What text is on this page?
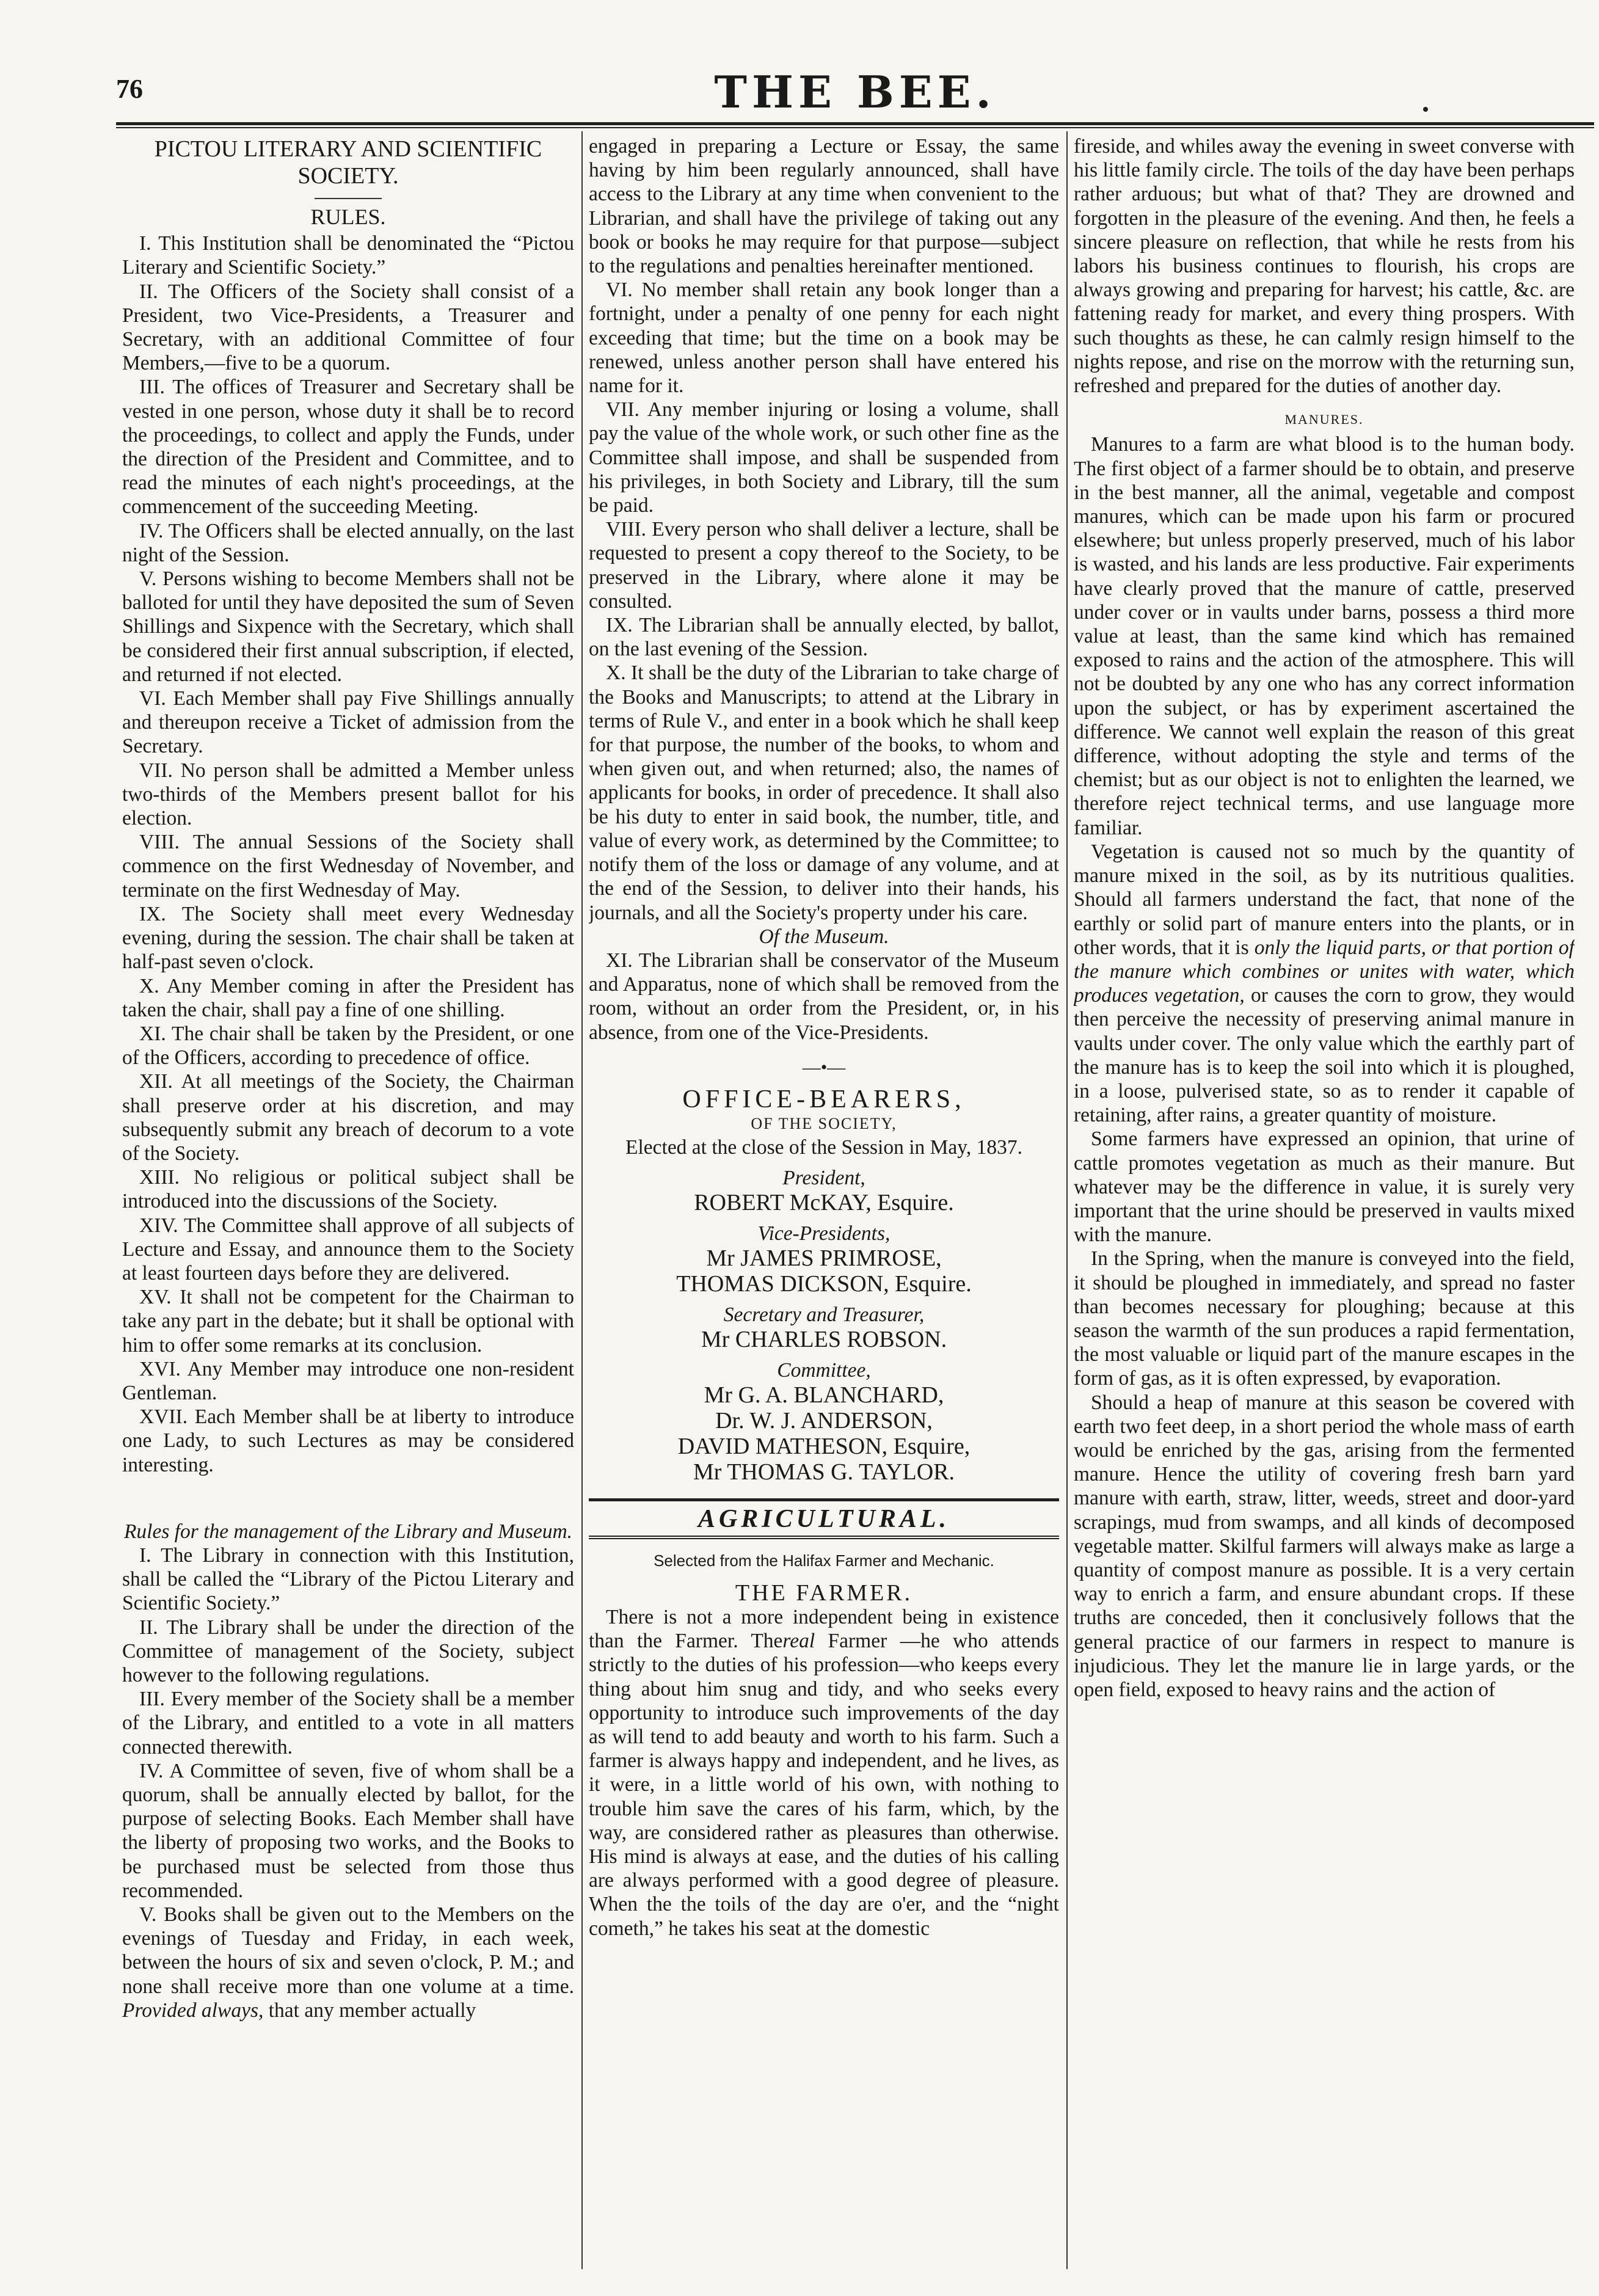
76	THE BEE.

PICTOU LITERARY AND SCIENTIFIC SOCIETY.

RULES.

I. This Institution shall be denominated the “Pictou Literary and Scientific Society.”

II. The Officers of the Society shall consist of a President, two Vice-Presidents, a Treasurer and Secretary, with an additional Committee of four Members,—five to be a quorum.

III. The offices of Treasurer and Secretary shall be vested in one person, whose duty it shall be to record the proceedings, to collect and apply the Funds, under the direction of the President and Committee, and to read the minutes of each night's proceedings, at the commencement of the succeeding Meeting.

IV. The Officers shall be elected annually, on the last night of the Session.

V. Persons wishing to become Members shall not be balloted for until they have deposited the sum of Seven Shillings and Sixpence with the Secretary, which shall be considered their first annual subscription, if elected, and returned if not elected.

VI. Each Member shall pay Five Shillings annually and thereupon receive a Ticket of admission from the Secretary.

VII. No person shall be admitted a Member unless two-thirds of the Members present ballot for his election.

VIII. The annual Sessions of the Society shall commence on the first Wednesday of November, and terminate on the first Wednesday of May.

IX. The Society shall meet every Wednesday evening, during the session. The chair shall be taken at half-past seven o'clock.

X. Any Member coming in after the President has taken the chair, shall pay a fine of one shilling.

XI. The chair shall be taken by the President, or one of the Officers, according to precedence of office.

XII. At all meetings of the Society, the Chairman shall preserve order at his discretion, and may subsequently submit any breach of decorum to a vote of the Society.

XIII. No religious or political subject shall be introduced into the discussions of the Society.

XIV. The Committee shall approve of all subjects of Lecture and Essay, and announce them to the Society at least fourteen days before they are delivered.

XV. It shall not be competent for the Chairman to take any part in the debate; but it shall be optional with him to offer some remarks at its conclusion.

XVI. Any Member may introduce one non-resident Gentleman.

XVII. Each Member shall be at liberty to introduce one Lady, to such Lectures as may be considered interesting.

Rules for the management of the Library and Museum.

I. The Library in connection with this Institution, shall be called the “Library of the Pictou Literary and Scientific Society.”

II. The Library shall be under the direction of the Committee of management of the Society, subject however to the following regulations.

III. Every member of the Society shall be a member of the Library, and entitled to a vote in all matters connected therewith.

IV. A Committee of seven, five of whom shall be a quorum, shall be annually elected by ballot, for the purpose of selecting Books. Each Member shall have the liberty of proposing two works, and the Books to be purchased must be selected from those thus recommended.

V. Books shall be given out to the Members on the evenings of Tuesday and Friday, in each week, between the hours of six and seven o'clock, P. M.; and none shall receive more than one volume at a time. Provided always, that any member actually

engaged in preparing a Lecture or Essay, the same having by him been regularly announced, shall have access to the Library at any time when convenient to the Librarian, and shall have the privilege of taking out any book or books he may require for that purpose—subject to the regulations and penalties hereinafter mentioned.

VI. No member shall retain any book longer than a fortnight, under a penalty of one penny for each night exceeding that time; but the time on a book may be renewed, unless another person shall have entered his name for it.

VII. Any member injuring or losing a volume, shall pay the value of the whole work, or such other fine as the Committee shall impose, and shall be suspended from his privileges, in both Society and Library, till the sum be paid.

VIII. Every person who shall deliver a lecture, shall be requested to present a copy thereof to the Society, to be preserved in the Library, where alone it may be consulted.

IX. The Librarian shall be annually elected, by ballot, on the last evening of the Session.

X. It shall be the duty of the Librarian to take charge of the Books and Manuscripts; to attend at the Library in terms of Rule V., and enter in a book which he shall keep for that purpose, the number of the books, to whom and when given out, and when returned; also, the names of applicants for books, in order of precedence. It shall also be his duty to enter in said book, the number, title, and value of every work, as determined by the Committee; to notify them of the loss or damage of any volume, and at the end of the Session, to deliver into their hands, his journals, and all the Society's property under his care.

Of the Museum.

XI. The Librarian shall be conservator of the Museum and Apparatus, none of which shall be removed from the room, without an order from the President, or, in his absence, from one of the Vice-Presidents.

—•—

OFFICE-BEARERS,

OF THE SOCIETY,

Elected at the close of the Session in May, 1837.

President,

ROBERT McKAY, Esquire.

Vice-Presidents,

Mr JAMES PRIMROSE,

THOMAS DICKSON, Esquire.

Secretary and Treasurer,

Mr CHARLES ROBSON.

Committee,

Mr G. A. BLANCHARD,

Dr. W. J. ANDERSON,

DAVID MATHESON, Esquire,

Mr THOMAS G. TAYLOR.

AGRICULTURAL.

Selected from the Halifax Farmer and Mechanic.

THE FARMER.

There is not a more independent being in existence than the Farmer. Thereal Farmer —he who attends strictly to the duties of his profession—who keeps every thing about him snug and tidy, and who seeks every opportunity to introduce such improvements of the day as will tend to add beauty and worth to his farm. Such a farmer is always happy and independent, and he lives, as it were, in a little world of his own, with nothing to trouble him save the cares of his farm, which, by the way, are considered rather as pleasures than otherwise. His mind is always at ease, and the duties of his calling are always performed with a good degree of pleasure. When the the toils of the day are o'er, and the “night cometh,” he takes his seat at the domestic

fireside, and whiles away the evening in sweet converse with his little family circle. The toils of the day have been perhaps rather arduous; but what of that? They are drowned and forgotten in the pleasure of the evening. And then, he feels a sincere pleasure on reflection, that while he rests from his labors his business continues to flourish, his crops are always growing and preparing for harvest; his cattle, &c. are fattening ready for market, and every thing prospers. With such thoughts as these, he can calmly resign himself to the nights repose, and rise on the morrow with the returning sun, refreshed and prepared for the duties of another day.

MANURES.

Manures to a farm are what blood is to the human body. The first object of a farmer should be to obtain, and preserve in the best manner, all the animal, vegetable and compost manures, which can be made upon his farm or procured elsewhere; but unless properly preserved, much of his labor is wasted, and his lands are less productive. Fair experiments have clearly proved that the manure of cattle, preserved under cover or in vaults under barns, possess a third more value at least, than the same kind which has remained exposed to rains and the action of the atmosphere. This will not be doubted by any one who has any correct information upon the subject, or has by experiment ascertained the difference. We cannot well explain the reason of this great difference, without adopting the style and terms of the chemist; but as our object is not to enlighten the learned, we therefore reject technical terms, and use language more familiar.

Vegetation is caused not so much by the quantity of manure mixed in the soil, as by its nutritious qualities. Should all farmers understand the fact, that none of the earthly or solid part of manure enters into the plants, or in other words, that it is only the liquid parts, or that portion of the manure which combines or unites with water, which produces vegetation, or causes the corn to grow, they would then perceive the necessity of preserving animal manure in vaults under cover. The only value which the earthly part of the manure has is to keep the soil into which it is ploughed, in a loose, pulverised state, so as to render it capable of retaining, after rains, a greater quantity of moisture.

Some farmers have expressed an opinion, that urine of cattle promotes vegetation as much as their manure. But whatever may be the difference in value, it is surely very important that the urine should be preserved in vaults mixed with the manure.

In the Spring, when the manure is conveyed into the field, it should be ploughed in immediately, and spread no faster than becomes necessary for ploughing; because at this season the warmth of the sun produces a rapid fermentation, the most valuable or liquid part of the manure escapes in the form of gas, as it is often expressed, by evaporation.

Should a heap of manure at this season be covered with earth two feet deep, in a short period the whole mass of earth would be enriched by the gas, arising from the fermented manure. Hence the utility of covering fresh barn yard manure with earth, straw, litter, weeds, street and door-yard scrapings, mud from swamps, and all kinds of decomposed vegetable matter. Skilful farmers will always make as large a quantity of compost manure as possible. It is a very certain way to enrich a farm, and ensure abundant crops. If these truths are conceded, then it conclusively follows that the general practice of our farmers in respect to manure is injudicious. They let the manure lie in large yards, or the open field, exposed to heavy rains and the action of
